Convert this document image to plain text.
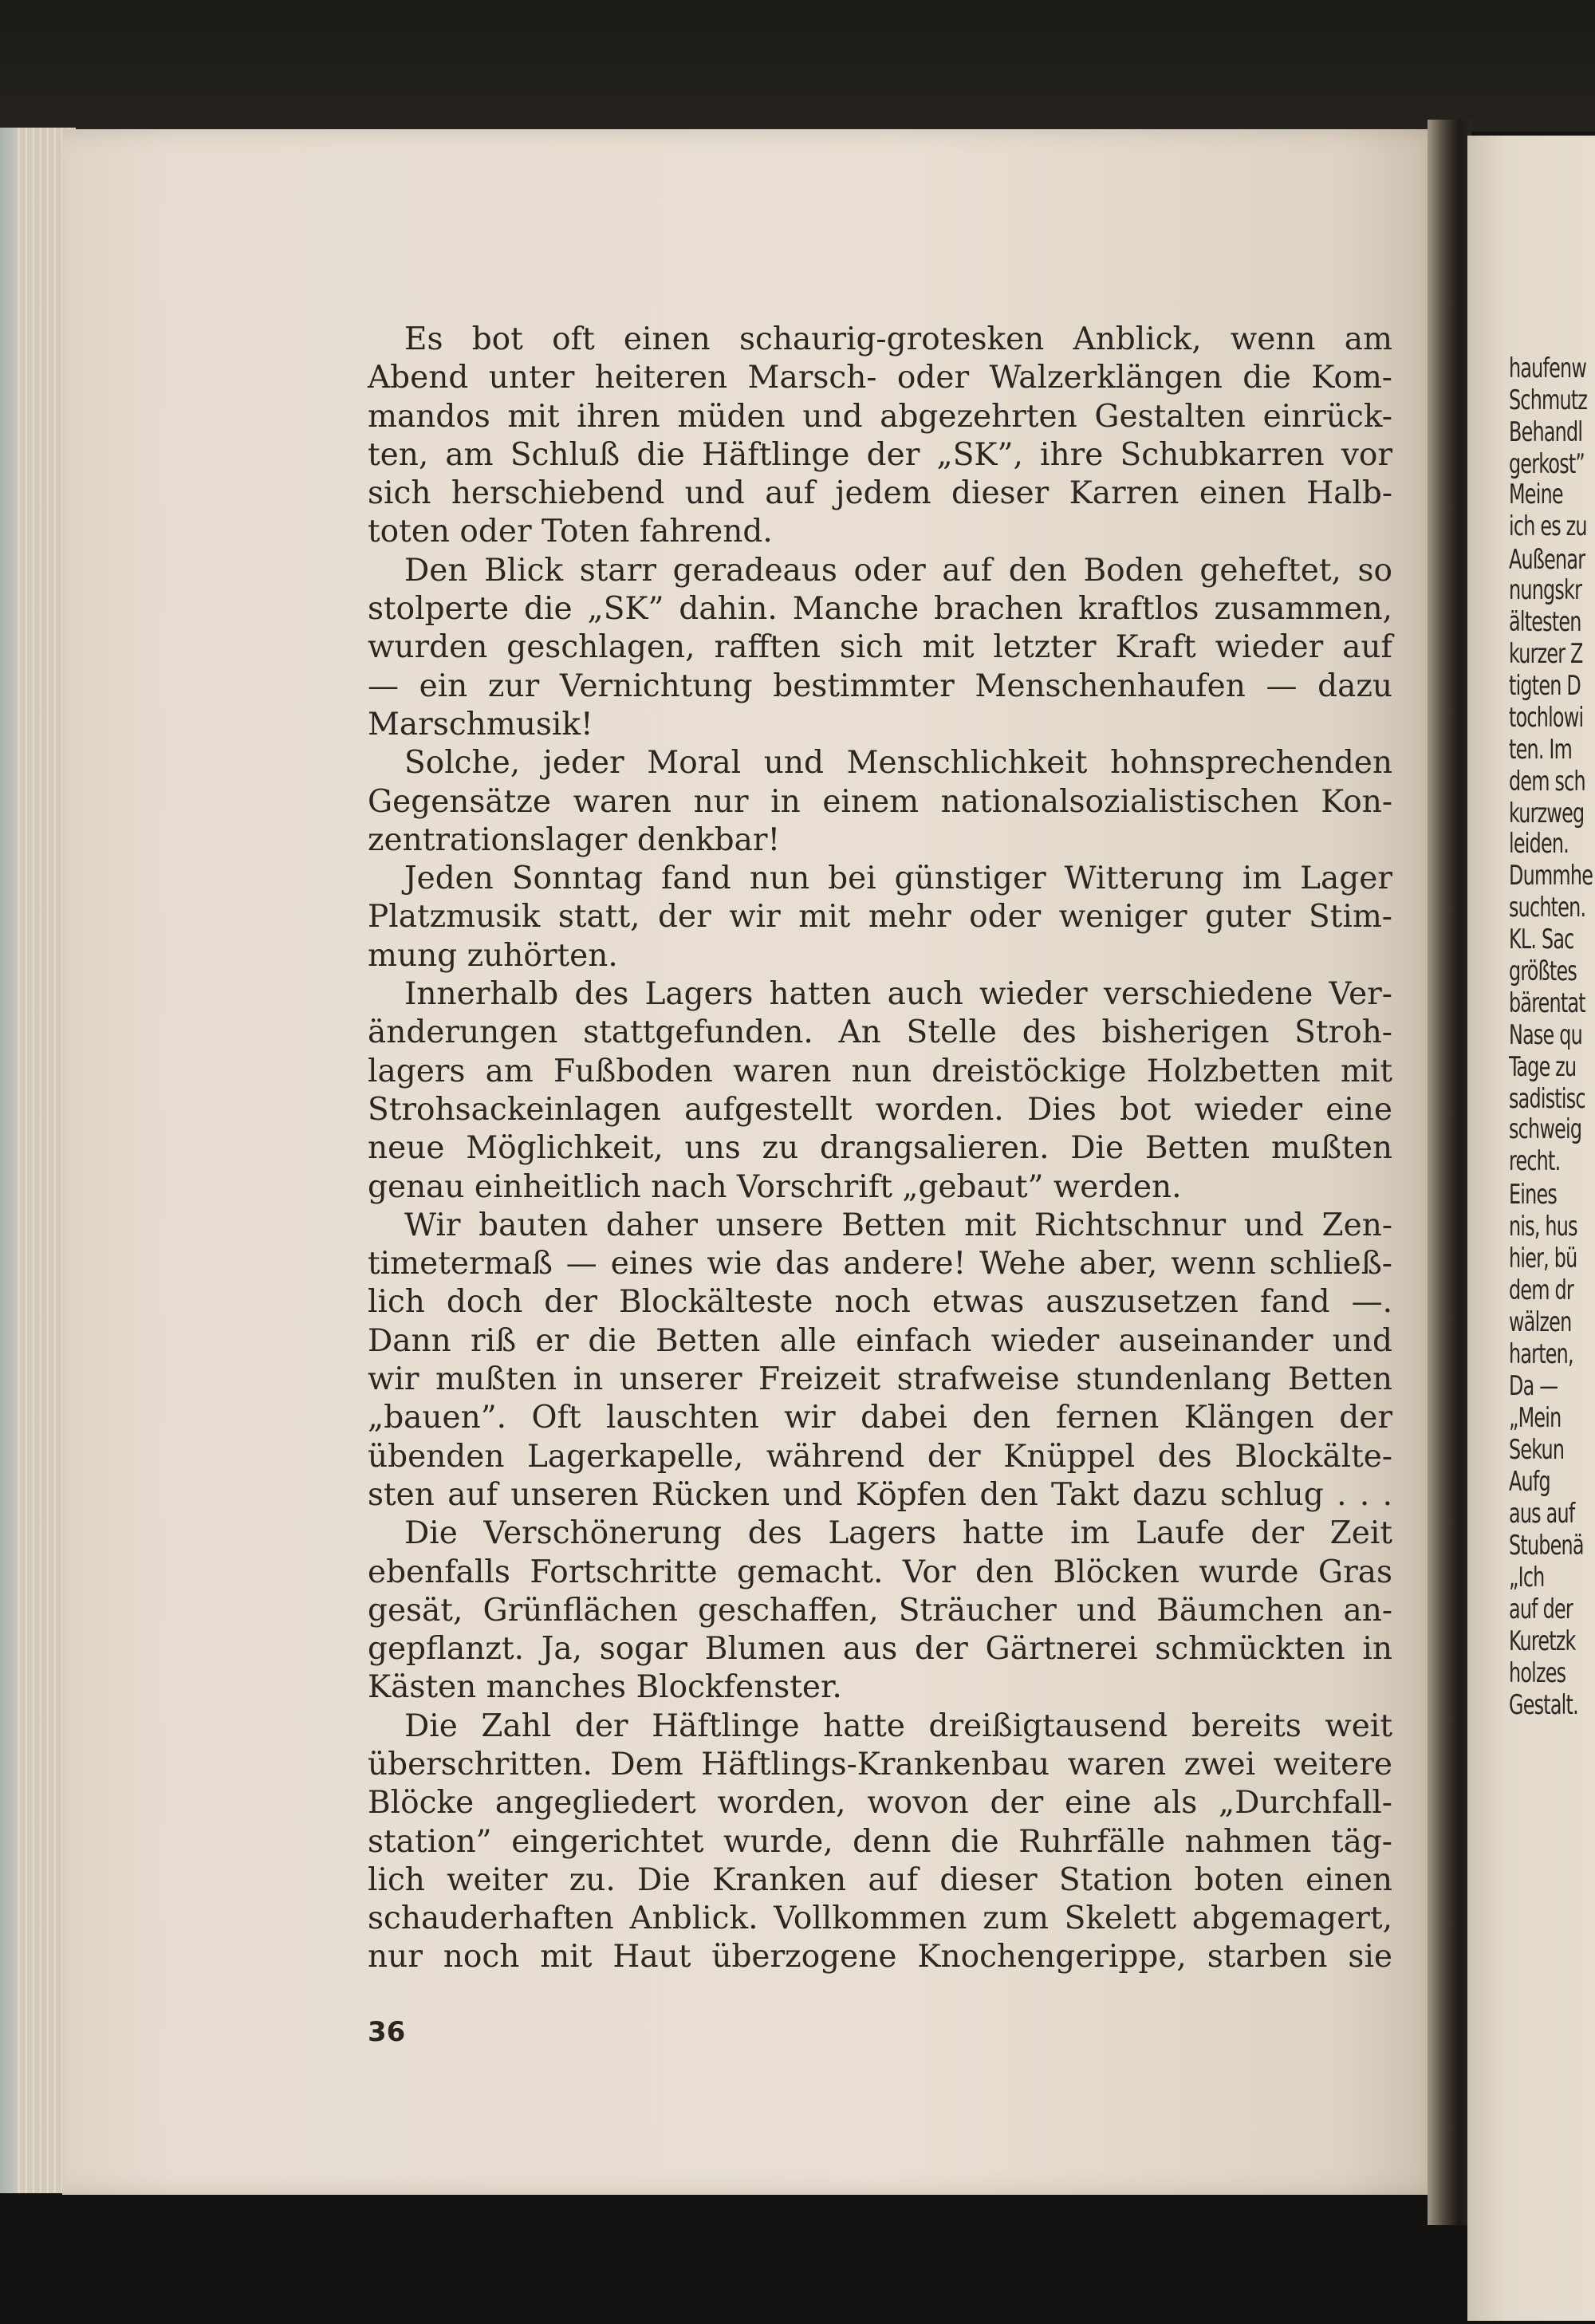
haufenw
Schmutz
Behandl
gerkost”
Meine
ich es zu
Außenar
nungskr
ältesten
kurzer Z
tigten D
tochlowi
ten. Im
dem sch
kurzweg
leiden.
Dummhe
suchten.
KL. Sac
größtes
bärentat
Nase qu
Tage zu
sadistisc
schweig
recht.
Eines
nis, hus
hier, bü
dem dr
wälzen
harten,
Da —
„Mein
Sekun
Aufg
aus auf
Stubenä
„Ich
auf der
Kuretzk
holzes
Gestalt.
Es bot oft einen schaurig-grotesken Anblick, wenn am
Abend unter heiteren Marsch- oder Walzerklängen die Kom-
mandos mit ihren müden und abgezehrten Gestalten einrück-
ten, am Schluß die Häftlinge der „SK”, ihre Schubkarren vor
sich herschiebend und auf jedem dieser Karren einen Halb-
toten oder Toten fahrend.
Den Blick starr geradeaus oder auf den Boden geheftet, so
stolperte die „SK” dahin. Manche brachen kraftlos zusammen,
wurden geschlagen, rafften sich mit letzter Kraft wieder auf
— ein zur Vernichtung bestimmter Menschenhaufen — dazu
Marschmusik!
Solche, jeder Moral und Menschlichkeit hohnsprechenden
Gegensätze waren nur in einem nationalsozialistischen Kon-
zentrationslager denkbar!
Jeden Sonntag fand nun bei günstiger Witterung im Lager
Platzmusik statt, der wir mit mehr oder weniger guter Stim-
mung zuhörten.
Innerhalb des Lagers hatten auch wieder verschiedene Ver-
änderungen stattgefunden. An Stelle des bisherigen Stroh-
lagers am Fußboden waren nun dreistöckige Holzbetten mit
Strohsackeinlagen aufgestellt worden. Dies bot wieder eine
neue Möglichkeit, uns zu drangsalieren. Die Betten mußten
genau einheitlich nach Vorschrift „gebaut” werden.
Wir bauten daher unsere Betten mit Richtschnur und Zen-
timetermaß — eines wie das andere! Wehe aber, wenn schließ-
lich doch der Blockälteste noch etwas auszusetzen fand —.
Dann riß er die Betten alle einfach wieder auseinander und
wir mußten in unserer Freizeit strafweise stundenlang Betten
„bauen”. Oft lauschten wir dabei den fernen Klängen der
übenden Lagerkapelle, während der Knüppel des Blockälte-
sten auf unseren Rücken und Köpfen den Takt dazu schlug . . .
Die Verschönerung des Lagers hatte im Laufe der Zeit
ebenfalls Fortschritte gemacht. Vor den Blöcken wurde Gras
gesät, Grünflächen geschaffen, Sträucher und Bäumchen an-
gepflanzt. Ja, sogar Blumen aus der Gärtnerei schmückten in
Kästen manches Blockfenster.
Die Zahl der Häftlinge hatte dreißigtausend bereits weit
überschritten. Dem Häftlings-Krankenbau waren zwei weitere
Blöcke angegliedert worden, wovon der eine als „Durchfall-
station” eingerichtet wurde, denn die Ruhrfälle nahmen täg-
lich weiter zu. Die Kranken auf dieser Station boten einen
schauderhaften Anblick. Vollkommen zum Skelett abgemagert,
nur noch mit Haut überzogene Knochengerippe, starben sie
36
